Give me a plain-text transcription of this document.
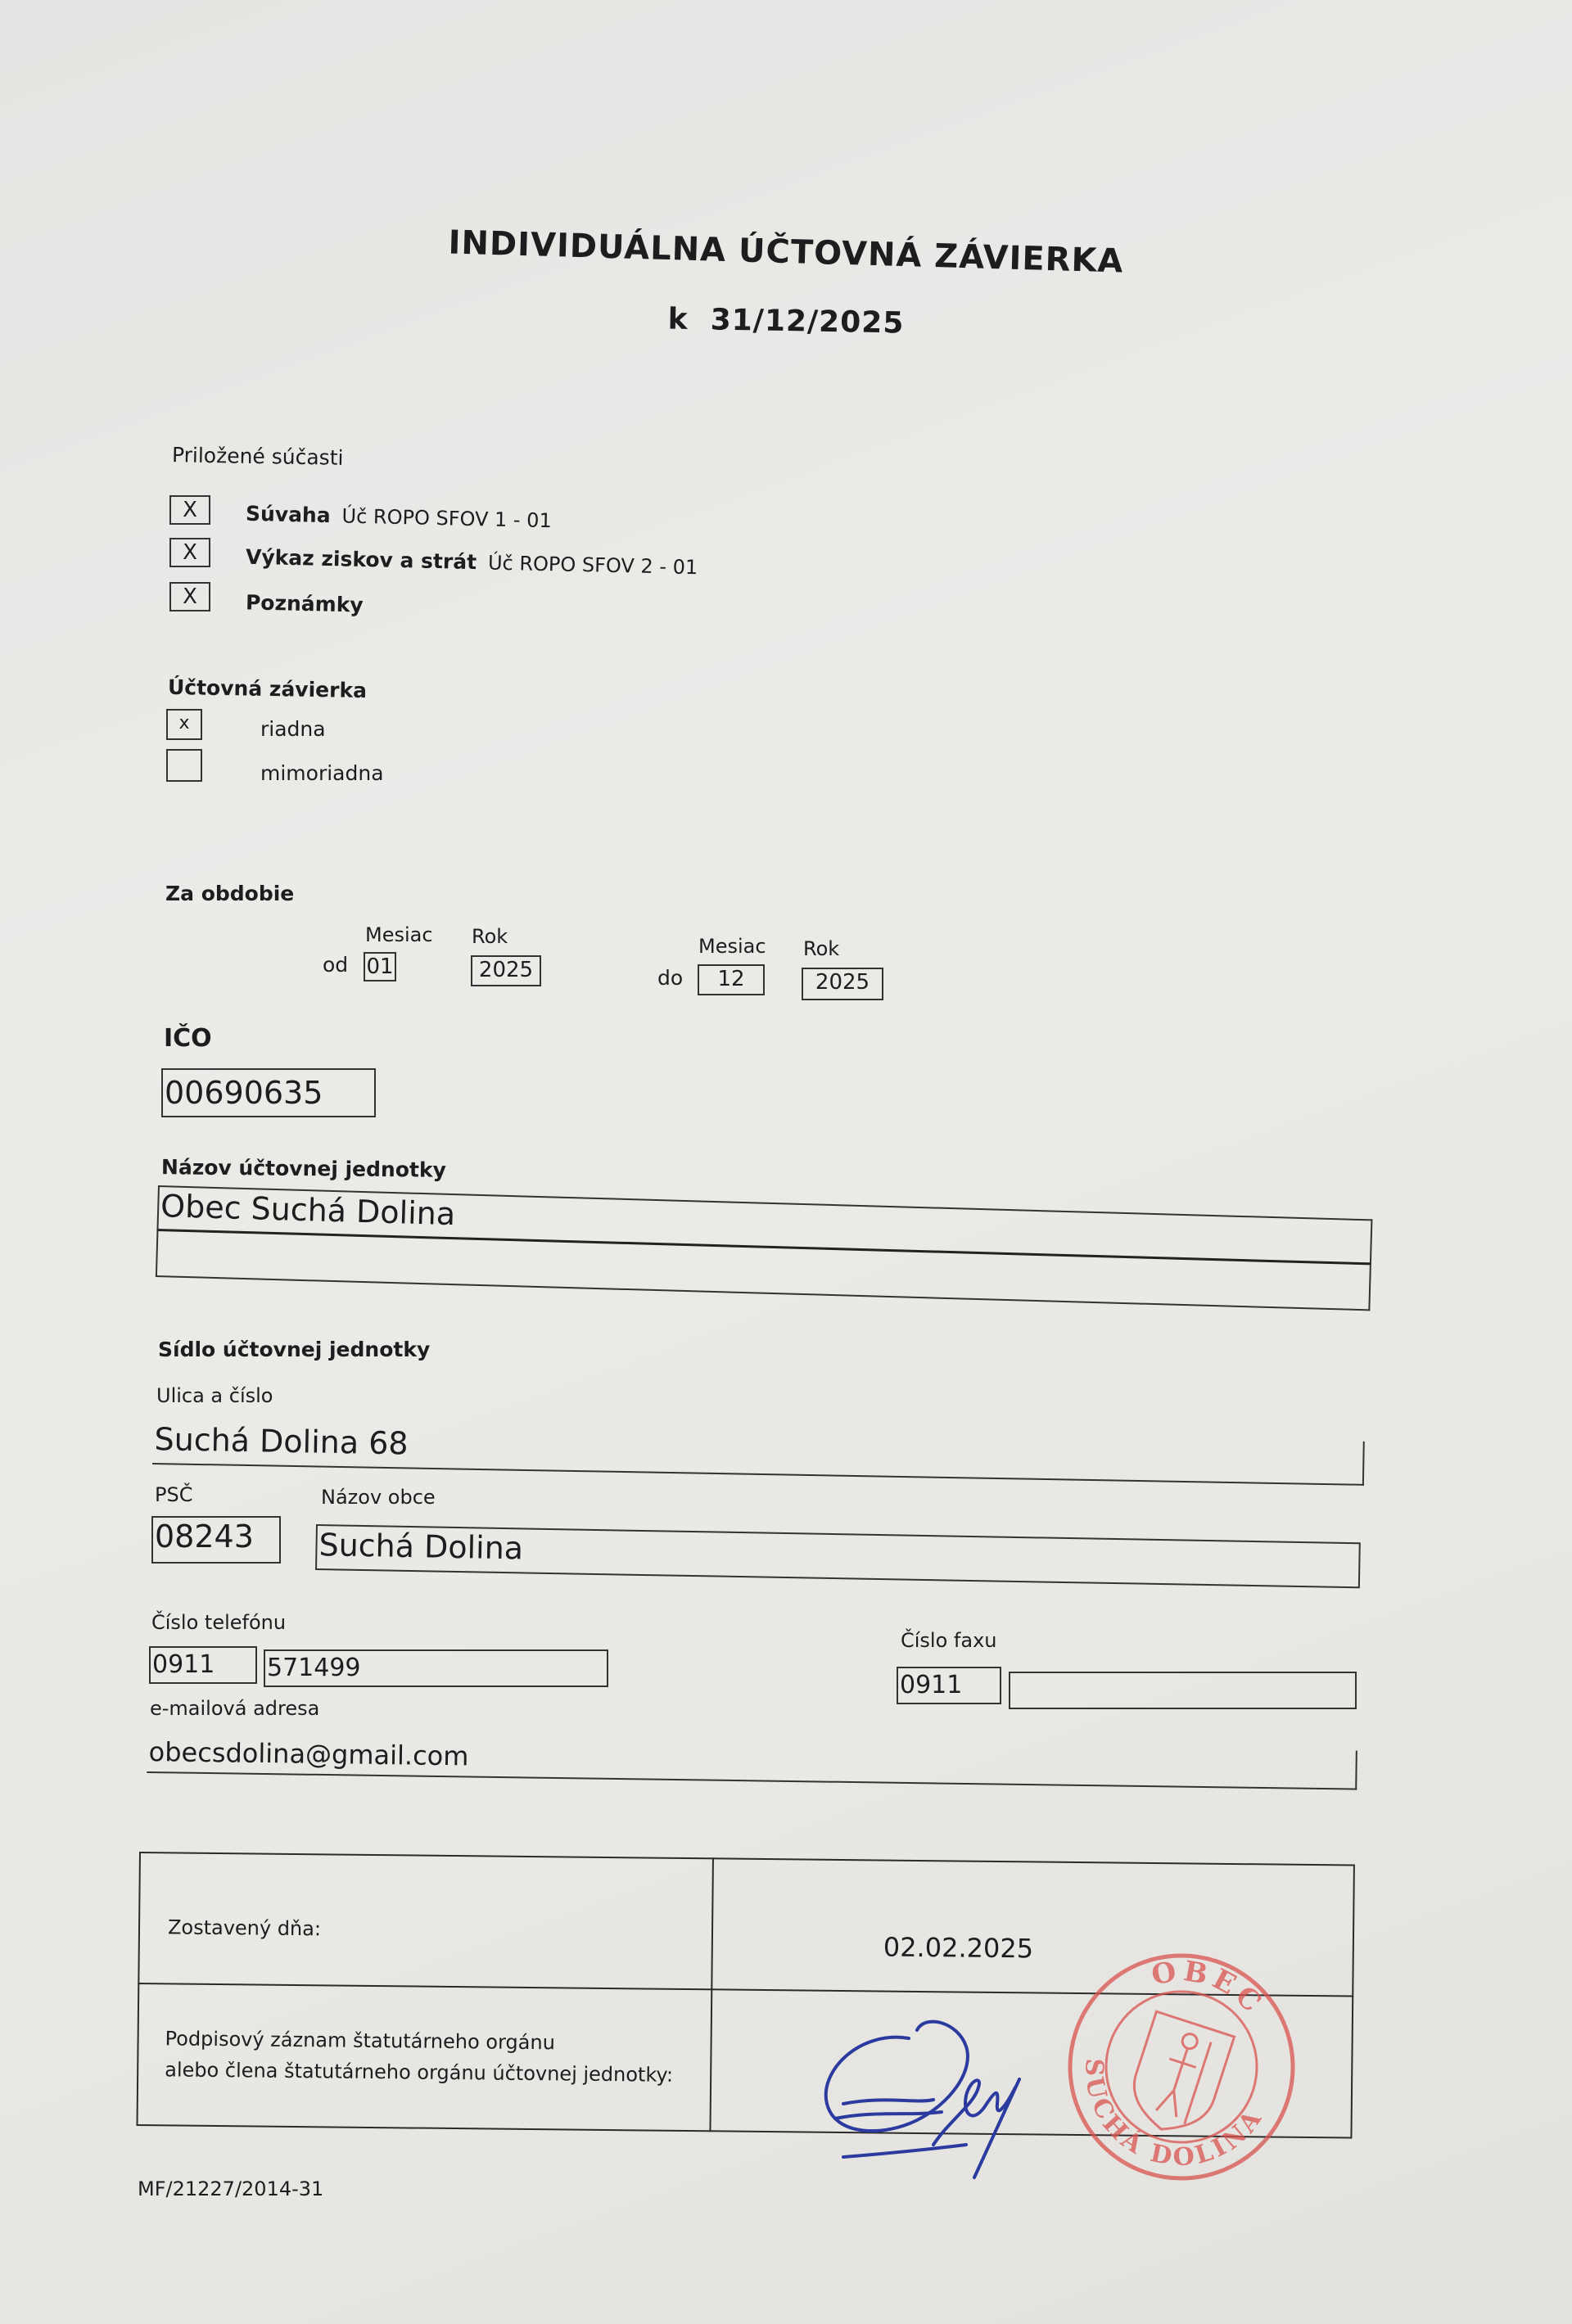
INDIVIDUÁLNA ÚČTOVNÁ ZÁVIERKA
k  31/12/2025
Priložené súčasti
X	Súvaha Úč ROPO SFOV 1 - 01
X	Výkaz ziskov a strát Úč ROPO SFOV 2 - 01
X	Poznámky
Účtovná závierka
x	riadna
mimoriadna
Za obdobie
Mesiac Rok
od 01	2025
Mesiac Rok
do	12	2025
IČO
00690635
Názov účtovnej jednotky
Obec Suchá Dolina
Sídlo účtovnej jednotky
Ulica a číslo
Suchá Dolina 68
PSČ	Názov obce
08243	Suchá Dolina
Číslo telefónu
0911	571499
Číslo faxu
0911
e-mailová adresa
obecsdolina@gmail.com
Zostavený dňa:
02.02.2025
Podpisový záznam štatutárneho orgánu
alebo člena štatutárneho orgánu účtovnej jednotky:
OBEC
SUCHÁ DOLINA
MF/21227/2014-31
